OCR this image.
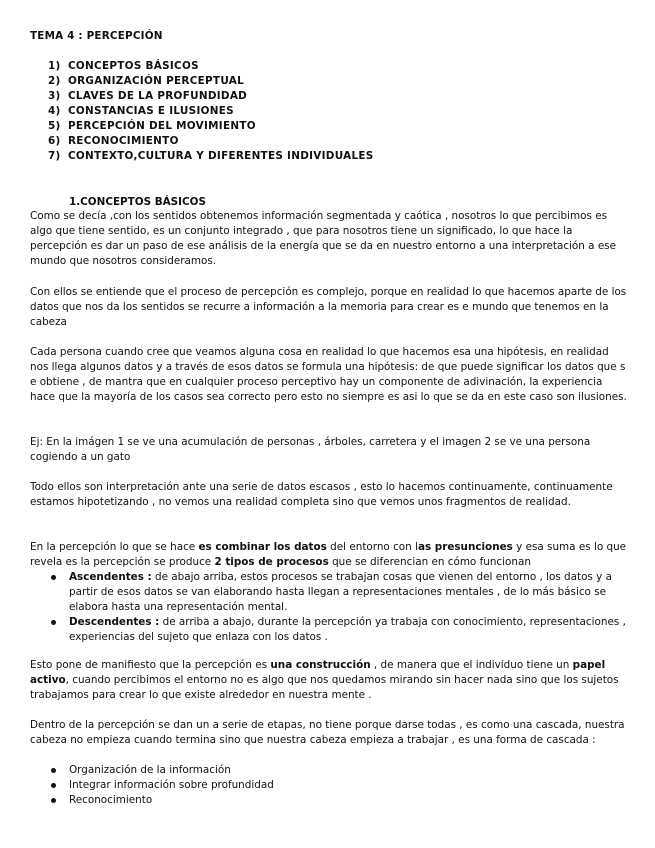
TEMA 4 : PERCEPCIÓN
1) CONCEPTOS BÁSICOS
2) ORGANIZACIÓN PERCEPTUAL
3) CLAVES DE LA PROFUNDIDAD
4) CONSTANCIAS E ILUSIONES
5) PERCEPCIÓN DEL MOVIMIENTO
6) RECONOCIMIENTO
7) CONTEXTO,CULTURA Y DIFERENTES INDIVIDUALES
1.CONCEPTOS BÁSICOS

Como se decía ,con los sentidos obtenemos información segmentada y caótica , nosotros lo que percibimos es algo que tiene sentido, es un conjunto integrado , que para nosotros tiene un significado, lo que hace la percepción es dar un paso de ese análisis de la energía que se da en nuestro entorno a una interpretación a ese mundo que nosotros consideramos.

Con ellos se entiende que el proceso de percepción es complejo, porque en realidad lo que hacemos aparte de los datos que nos da los sentidos se recurre a información a la memoria para crear es e mundo que tenemos en la cabeza

Cada persona cuando cree que veamos alguna cosa en realidad lo que hacemos esa una hipótesis, en realidad nos llega algunos datos y a través de esos datos se formula una hipótesis: de que puede significar los datos que s e obtiene , de mantra que en cualquier proceso perceptivo hay un componente de adivinación, la experiencia hace que la mayoría de los casos sea correcto pero esto no siempre es asi lo que se da en este caso son ilusiones.

Ej: En la imágen 1 se ve una acumulación de personas , árboles, carretera y el imagen 2 se ve una persona cogiendo a un gato

Todo ellos son interpretación ante una serie de datos escasos , esto lo hacemos continuamente, continuamente estamos hipotetizando , no vemos una realidad completa sino que vemos unos fragmentos de realidad.

En la percepción lo que se hace es combinar los datos del entorno con las presunciones y esa suma es lo que revela es la percepción se produce 2 tipos de procesos que se diferencian en cómo funcionan

Ascendentes : de abajo arriba, estos procesos se trabajan cosas que vienen del entorno , los datos y a partir de esos datos se van elaborando hasta llegan a representaciones mentales , de lo más básico se elabora hasta una representación mental.
Descendentes : de arriba a abajo, durante la percepción ya trabaja con conocimiento, representaciones , experiencias del sujeto que enlaza con los datos .

Esto pone de manifiesto que la percepción es una construcción , de manera que el individuo tiene un papel activo, cuando percibimos el entorno no es algo que nos quedamos mirando sin hacer nada sino que los sujetos trabajamos para crear lo que existe alrededor en nuestra mente .

Dentro de la percepción se dan un a serie de etapas, no tiene porque darse todas , es como una cascada, nuestra cabeza no empieza cuando termina sino que nuestra cabeza empieza a trabajar , es una forma de cascada :

Organización de la información
Integrar información sobre profundidad
Reconocimiento
